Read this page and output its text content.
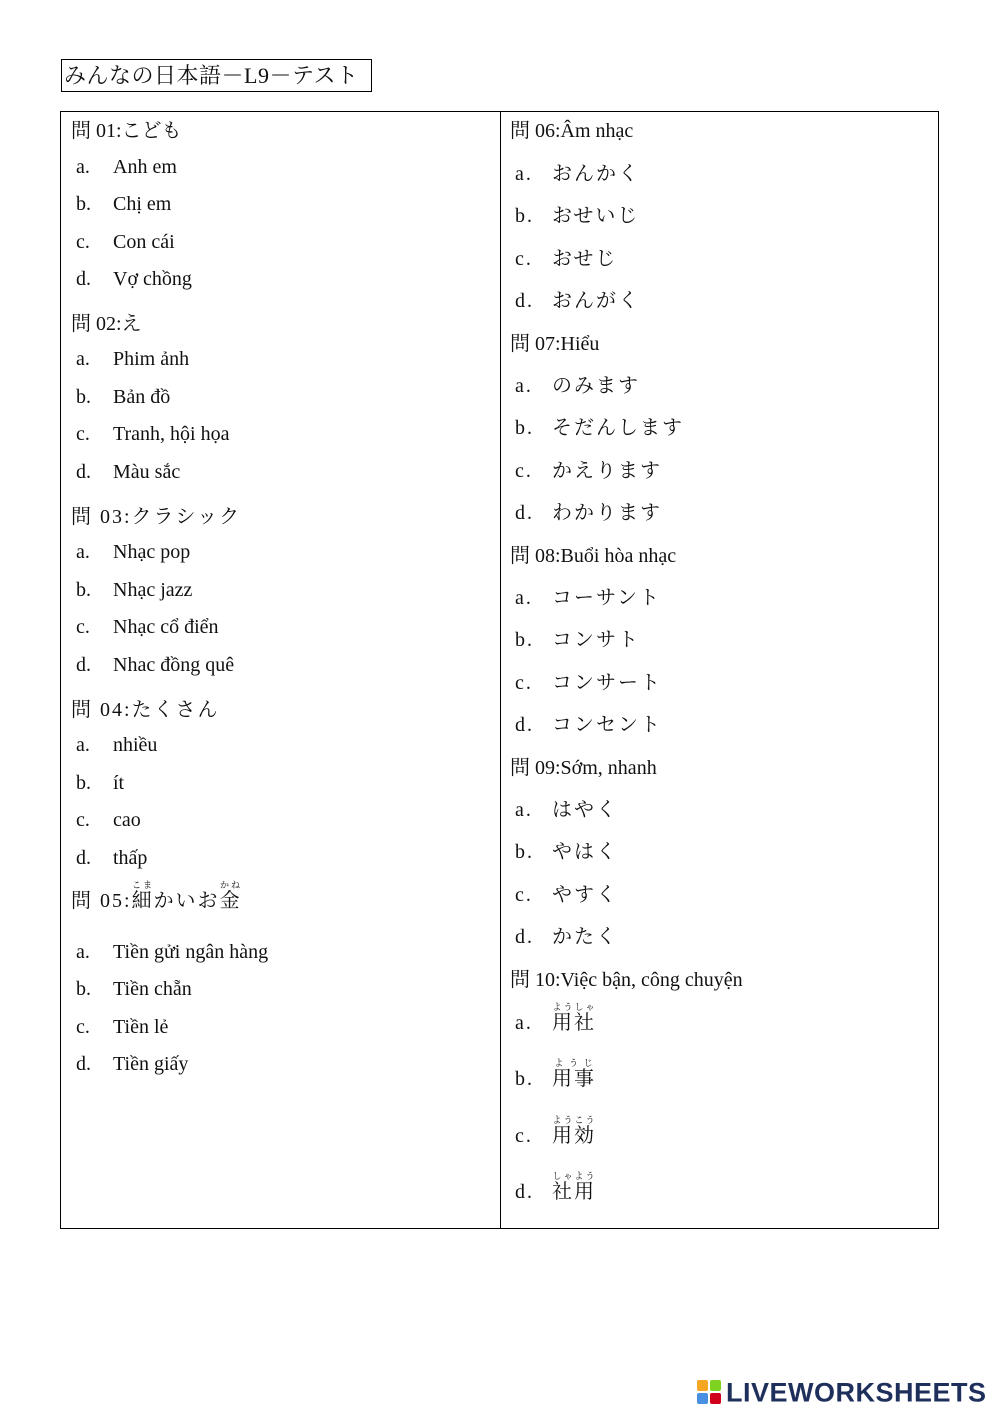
みんなの日本語－L9－テスト
問 01:こども
a. Anh em
b. Chị em
c. Con cái
d. Vợ chồng
問 02:え
a. Phim ảnh
b. Bản đồ
c. Tranh, hội họa
d. Màu sắc
問 03:クラシック
a. Nhạc pop
b. Nhạc jazz
c. Nhạc cổ điển
d. Nhac đồng quê
問 04:たくさん
a. nhiều
b. ít
c. cao
d. thấp
問 05:細こまかいお金かね
a. Tiền gửi ngân hàng
b. Tiền chẵn
c. Tiền lẻ
d. Tiền giấy
問 06:Âm nhạc
a. おんかく
b. おせいじ
c. おせじ
d. おんがく
問 07:Hiểu
a. のみます
b. そだんします
c. かえります
d. わかります
問 08:Buổi hòa nhạc
a. コーサント
b. コンサト
c. コンサート
d. コンセント
問 09:Sớm, nhanh
a. はやく
b. やはく
c. やすく
d. かたく
問 10:Việc bận, công chuyện
a. 用社ようしゃ
b. 用事ようじ
c. 用効ようこう
d. 社用しゃよう
LIVEWORKSHEETS
